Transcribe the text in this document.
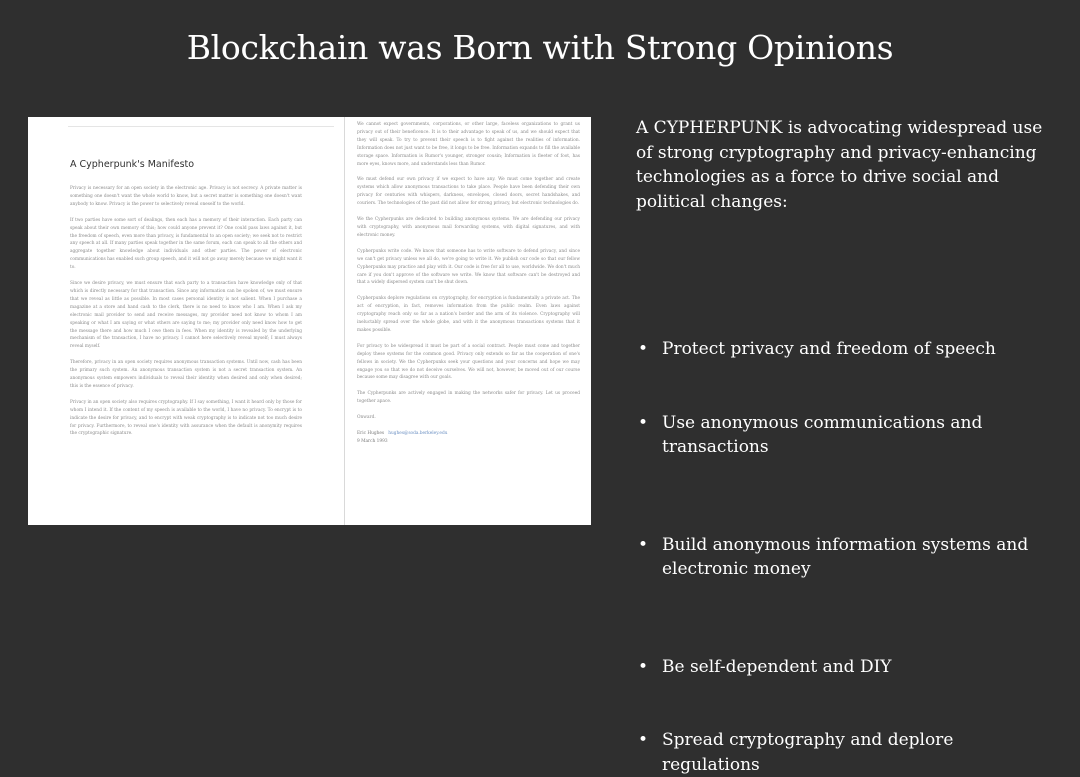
Blockchain was Born with Strong Opinions
A Cypherpunk's Manifesto

Privacy is necessary for an open society in the electronic age. Privacy is not secrecy. A private matter is something one doesn't want the whole world to know, but a secret matter is something one doesn't want anybody to know. Privacy is the power to selectively reveal oneself to the world.

If two parties have some sort of dealings, then each has a memory of their interaction. Each party can speak about their own memory of this; how could anyone prevent it? One could pass laws against it, but the freedom of speech, even more than privacy, is fundamental to an open society; we seek not to restrict any speech at all. If many parties speak together in the same forum, each can speak to all the others and aggregate together knowledge about individuals and other parties. The power of electronic communications has enabled such group speech, and it will not go away merely because we might want it to.

Since we desire privacy, we must ensure that each party to a transaction have knowledge only of that which is directly necessary for that transaction. Since any information can be spoken of, we must ensure that we reveal as little as possible. In most cases personal identity is not salient. When I purchase a magazine at a store and hand cash to the clerk, there is no need to know who I am. When I ask my electronic mail provider to send and receive messages, my provider need not know to whom I am speaking or what I am saying or what others are saying to me; my provider only need know how to get the message there and how much I owe them in fees. When my identity is revealed by the underlying mechanism of the transaction, I have no privacy. I cannot here selectively reveal myself; I must always reveal myself.

Therefore, privacy in an open society requires anonymous transaction systems. Until now, cash has been the primary such system. An anonymous transaction system is not a secret transaction system. An anonymous system empowers individuals to reveal their identity when desired and only when desired; this is the essence of privacy.

Privacy in an open society also requires cryptography. If I say something, I want it heard only by those for whom I intend it. If the content of my speech is available to the world, I have no privacy. To encrypt is to indicate the desire for privacy, and to encrypt with weak cryptography is to indicate not too much desire for privacy. Furthermore, to reveal one's identity with assurance when the default is anonymity requires the cryptographic signature.

We cannot expect governments, corporations, or other large, faceless organizations to grant us privacy out of their beneficence. It is to their advantage to speak of us, and we should expect that they will speak. To try to prevent their speech is to fight against the realities of information. Information does not just want to be free, it longs to be free. Information expands to fill the available storage space. Information is Rumor's younger, stronger cousin; Information is fleeter of foot, has more eyes, knows more, and understands less than Rumor.

We must defend our own privacy if we expect to have any. We must come together and create systems which allow anonymous transactions to take place. People have been defending their own privacy for centuries with whispers, darkness, envelopes, closed doors, secret handshakes, and couriers. The technologies of the past did not allow for strong privacy, but electronic technologies do.

We the Cypherpunks are dedicated to building anonymous systems. We are defending our privacy with cryptography, with anonymous mail forwarding systems, with digital signatures, and with electronic money.

Cypherpunks write code. We know that someone has to write software to defend privacy, and since we can't get privacy unless we all do, we're going to write it. We publish our code so that our fellow Cypherpunks may practice and play with it. Our code is free for all to use, worldwide. We don't much care if you don't approve of the software we write. We know that software can't be destroyed and that a widely dispersed system can't be shut down.

Cypherpunks deplore regulations on cryptography, for encryption is fundamentally a private act. The act of encryption, in fact, removes information from the public realm. Even laws against cryptography reach only so far as a nation's border and the arm of its violence. Cryptography will ineluctably spread over the whole globe, and with it the anonymous transactions systems that it makes possible.

For privacy to be widespread it must be part of a social contract. People must come and together deploy these systems for the common good. Privacy only extends so far as the cooperation of one's fellows in society. We the Cypherpunks seek your questions and your concerns and hope we may engage you so that we do not deceive ourselves. We will not, however, be moved out of our course because some may disagree with our goals.

The Cypherpunks are actively engaged in making the networks safer for privacy. Let us proceed together apace.

Onward.

Eric Hughes hughes@soda.berkeley.edu
9 March 1993

A CYPHERPUNK is advocating widespread use of strong cryptography and privacy-enhancing technologies as a force to drive social and political changes:

• Protect privacy and freedom of speech
• Use anonymous communications and transactions
• Build anonymous information systems and electronic money
• Be self-dependent and DIY
• Spread cryptography and deplore regulations
